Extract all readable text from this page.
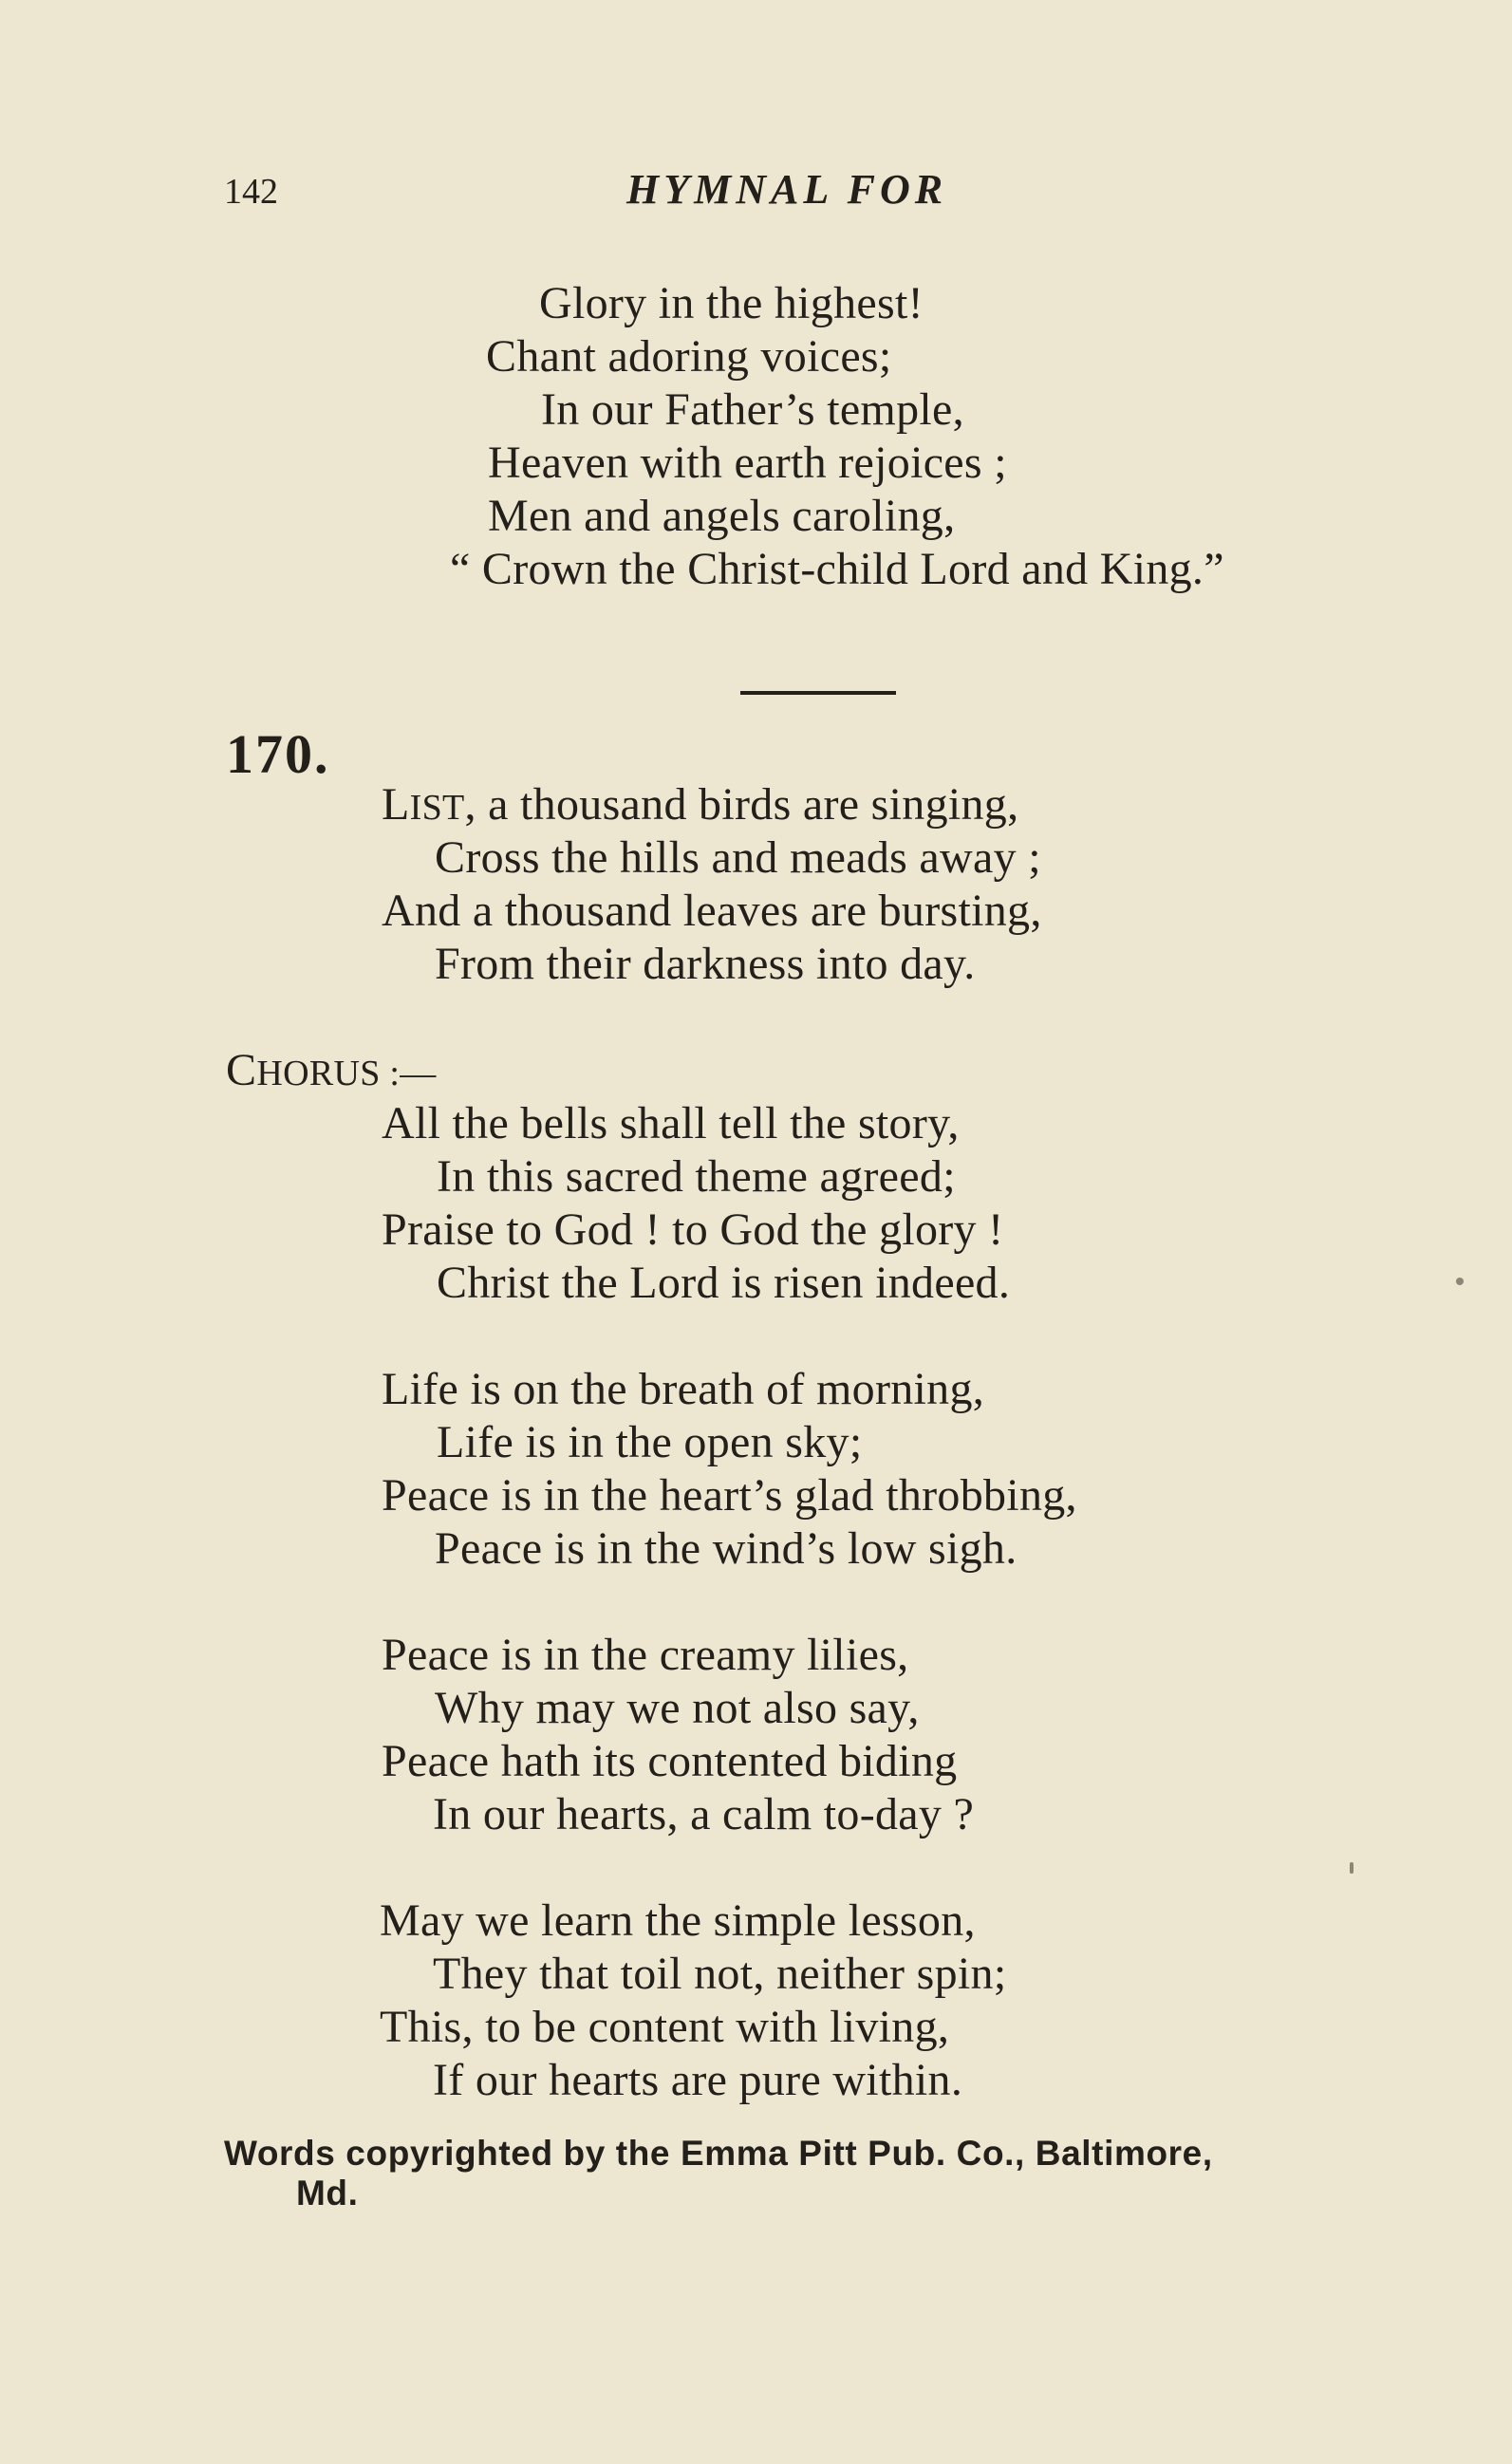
142	HYMNAL FOR
Glory in the highest!
Chant adoring voices;
In our Father’s temple,
Heaven with earth rejoices ;
Men and angels caroling,
“ Crown the Christ-child Lord and King.”
170.
LIST, a thousand birds are singing,
Cross the hills and meads away ;
And a thousand leaves are bursting,
From their darkness into day.
CHORUS :—
All the bells shall tell the story,
In this sacred theme agreed;
Praise to God ! to God the glory !
Christ the Lord is risen indeed.
Life is on the breath of morning,
Life is in the open sky;
Peace is in the heart’s glad throbbing,
Peace is in the wind’s low sigh.
Peace is in the creamy lilies,
Why may we not also say,
Peace hath its contented biding
In our hearts, a calm to-day ?
May we learn the simple lesson,
They that toil not, neither spin;
This, to be content with living,
If our hearts are pure within.
Words copyrighted by the Emma Pitt Pub. Co., Baltimore,
Md.
